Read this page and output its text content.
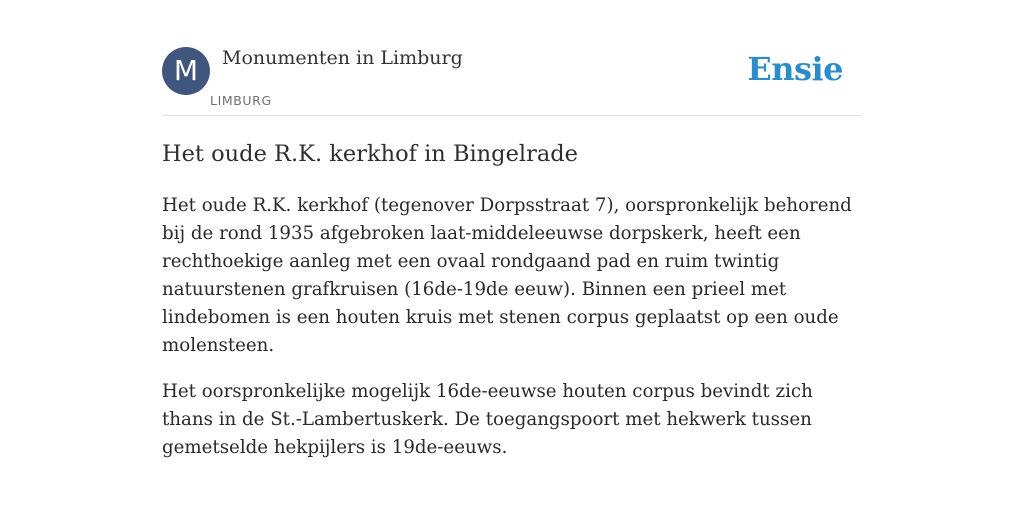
M	Monumenten in Limburg
LIMBURG
Ensie
Het oude R.K. kerkhof in Bingelrade

Het oude R.K. kerkhof (tegenover Dorpsstraat 7), oorspronkelijk behorend bij de rond 1935 afgebroken laat-middeleeuwse dorpskerk, heeft een rechthoekige aanleg met een ovaal rondgaand pad en ruim twintig natuurstenen grafkruisen (16de-19de eeuw). Binnen een prieel met lindebomen is een houten kruis met stenen corpus geplaatst op een oude molensteen.

Het oorspronkelijke mogelijk 16de-eeuwse houten corpus bevindt zich thans in de St.-Lambertuskerk. De toegangspoort met hekwerk tussen gemetselde hekpijlers is 19de-eeuws.
